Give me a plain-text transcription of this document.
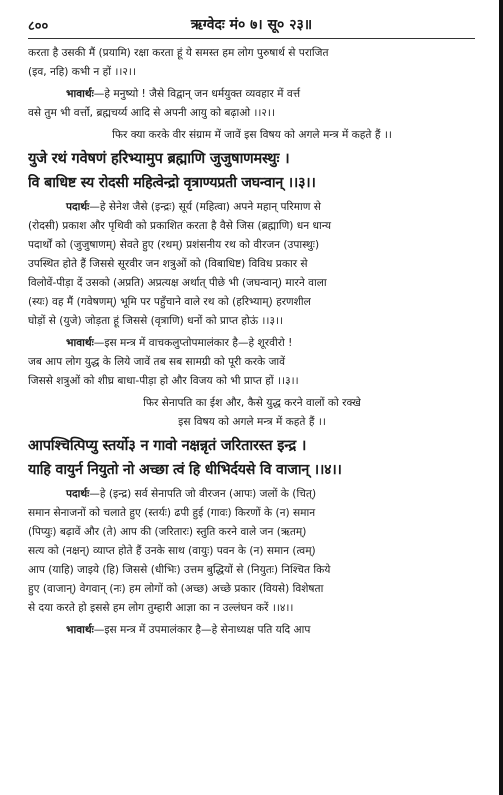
८००	ऋग्वेदः मं० ७। सू० २३॥

करता है उसकी मैं (प्रयामि) रक्षा करता हूं ये समस्त हम लोग पुरुषार्थ से पराजित

(इव, नहि) कभी न हों ।।२।।

भावार्थः—हे मनुष्यो ! जैसे विद्वान् जन धर्मयुक्त व्यवहार में वर्त्त

वसे तुम भी वर्त्तो, ब्रह्मचर्य्य आदि से अपनी आयु को बढ़ाओ ।।२।।

फिर क्या करके वीर संग्राम में जावें इस विषय को अगले मन्त्र में कहते हैं ।।

युजे रथं गवेषणं हरिभ्यामुप ब्रह्माणि जुजुषाणमस्थुः ।

वि बाधिष्ट स्य रोदसी महित्वेन्द्रो वृत्राण्यप्रती जघन्वान् ।।३।।

पदार्थः—हे सेनेश जैसे (इन्द्रः) सूर्य (महित्वा) अपने महान् परिमाण से

(रोदसी) प्रकाश और पृथिवी को प्रकाशित करता है वैसे जिस (ब्रह्माणि) धन धान्य

पदार्थों को (जुजुषाणम्) सेवते हुए (रथम्) प्रशंसनीय रथ को वीरजन (उपास्थुः)

उपस्थित होते हैं जिससे सूरवीर जन शत्रुओं को (विबाधिष्ट) विविध प्रकार से

विलोवें-पीड़ा दें उसको (अप्रति) अप्रत्यक्ष अर्थात् पीछे भी (जघन्वान्) मारने वाला

(स्यः) वह मैं (गवेषणम्) भूमि पर पहुँचाने वाले रथ को (हरिभ्याम्) हरणशील

घोड़ों से (युजे) जोड़ता हूं जिससे (वृत्राणि) धनों को प्राप्त होऊं ।।३।।

भावार्थः—इस मन्त्र में वाचकलुप्तोपमालंकार है—हे शूरवीरो !

जब आप लोग युद्ध के लिये जावें तब सब सामग्री को पूरी करके जावें

जिससे शत्रुओं को शीघ्र बाधा-पीड़ा हो और विजय को भी प्राप्त हों ।।३।।

फिर सेनापति का ईश और, कैसे युद्ध करने वालों को रक्खे

इस विषय को अगले मन्त्र में कहते हैं ।।

आपश्चित्पिप्यु स्तर्यो३ न गावो नक्षन्नृतं जरितारस्त इन्द्र ।

याहि वायुर्न नियुतो नो अच्छा त्वं हि धीभिर्दयसे वि वाजान् ।।४।।

पदार्थः—हे (इन्द्र) सर्व सेनापति जो वीरजन (आपः) जलों के (चित्)

समान सेनाजनों को चलाते हुए (स्तर्यः) ढपी हुई (गावः) किरणों के (न) समान

(पिप्युः) बढ़ावें और (ते) आप की (जरितारः) स्तुति करने वाले जन (ऋतम्)

सत्य को (नक्षन्) व्याप्त होते हैं उनके साथ (वायुः) पवन के (न) समान (त्वम्)

आप (याहि) जाइये (हि) जिससे (धीभिः) उत्तम बुद्धियों से (नियुतः) निश्चित किये

हुए (वाजान्) वेगवान् (नः) हम लोगों को (अच्छ) अच्छे प्रकार (वियसे) विशेषता

से दया करते हो इससे हम लोग तुम्हारी आज्ञा का न उल्लंघन करें ।।४।।

भावार्थः—इस मन्त्र में उपमालंकार है—हे सेनाध्यक्ष पति यदि आप
